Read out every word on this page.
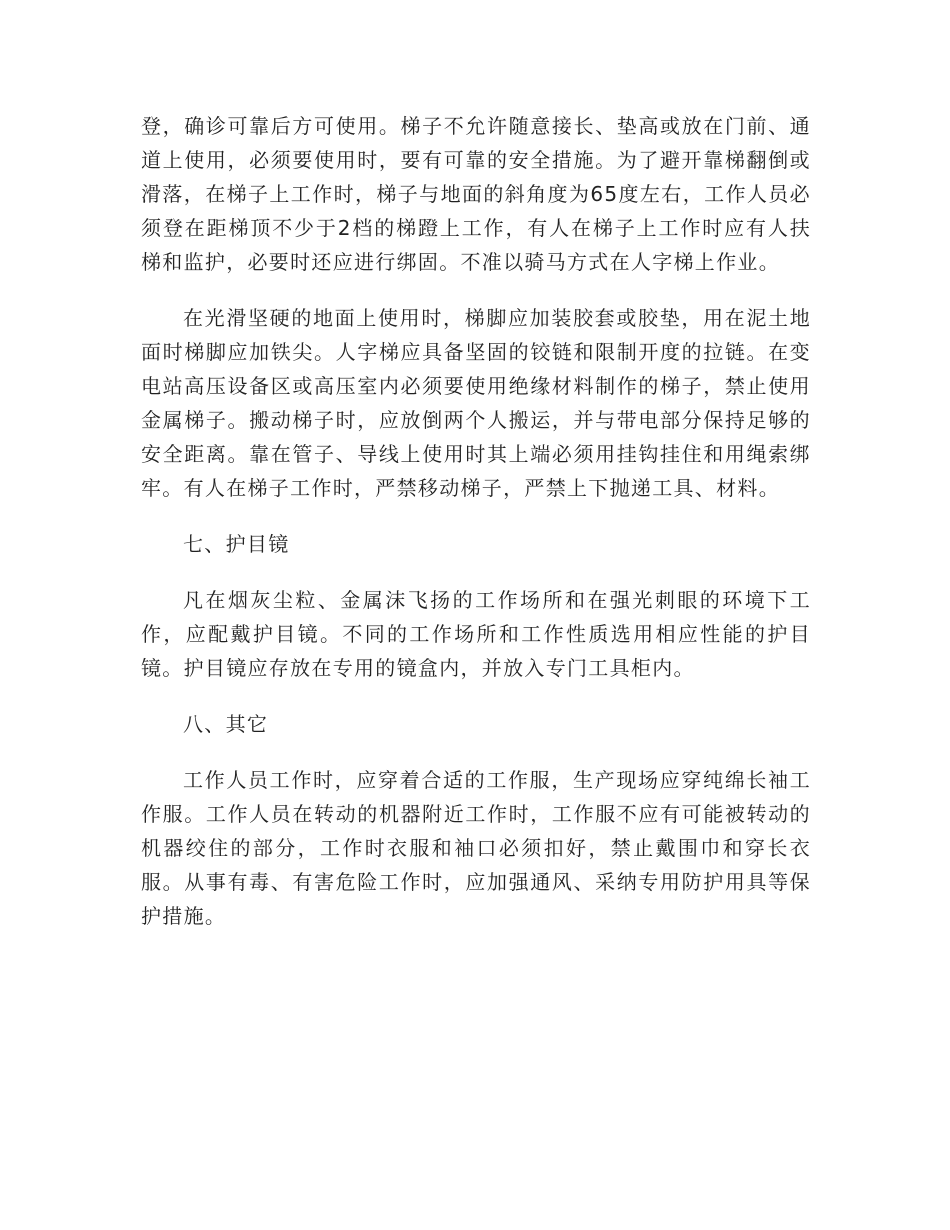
登，确诊可靠后方可使用。梯子不允许随意接长、垫高或放在门前、通道上使用，必须要使用时，要有可靠的安全措施。为了避开靠梯翻倒或滑落，在梯子上工作时，梯子与地面的斜角度为65度左右，工作人员必须登在距梯顶不少于2档的梯蹬上工作，有人在梯子上工作时应有人扶梯和监护，必要时还应进行绑固。不准以骑马方式在人字梯上作业。

在光滑坚硬的地面上使用时，梯脚应加装胶套或胶垫，用在泥土地面时梯脚应加铁尖。人字梯应具备坚固的铰链和限制开度的拉链。在变电站高压设备区或高压室内必须要使用绝缘材料制作的梯子，禁止使用金属梯子。搬动梯子时，应放倒两个人搬运，并与带电部分保持足够的安全距离。靠在管子、导线上使用时其上端必须用挂钩挂住和用绳索绑牢。有人在梯子工作时，严禁移动梯子，严禁上下抛递工具、材料。

七、护目镜

凡在烟灰尘粒、金属沫飞扬的工作场所和在强光刺眼的环境下工作，应配戴护目镜。不同的工作场所和工作性质选用相应性能的护目镜。护目镜应存放在专用的镜盒内，并放入专门工具柜内。

八、其它

工作人员工作时，应穿着合适的工作服，生产现场应穿纯绵长袖工作服。工作人员在转动的机器附近工作时，工作服不应有可能被转动的机器绞住的部分，工作时衣服和袖口必须扣好，禁止戴围巾和穿长衣服。从事有毒、有害危险工作时，应加强通风、采纳专用防护用具等保护措施。
